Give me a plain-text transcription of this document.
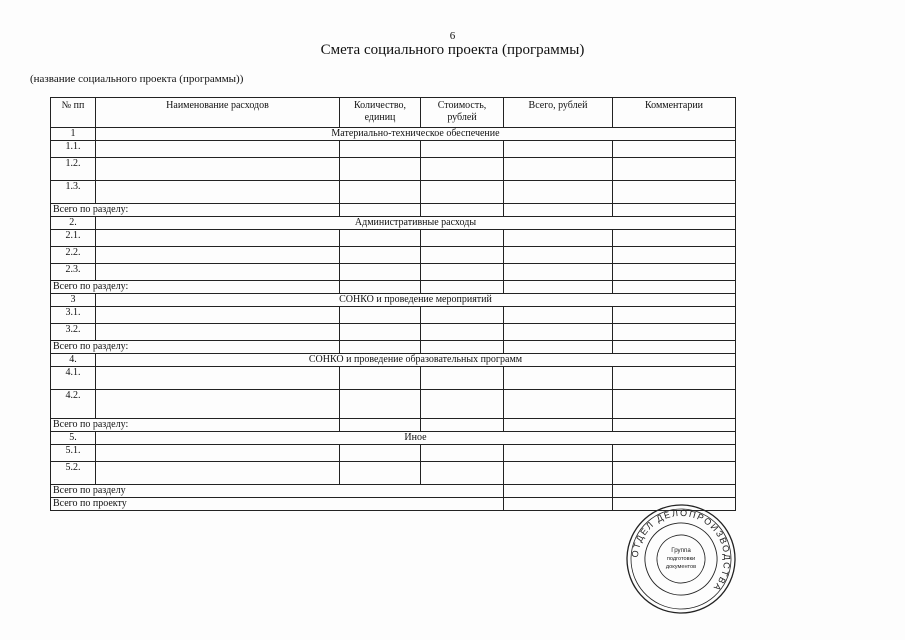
6
Смета социального проекта (программы)
(название социального проекта (программы))
№ пп	Наименование расходов	Количество, единиц	Стоимость, рублей	Всего, рублей	Комментарии
1	Материально-техническое обеспечение				
1.1.					
1.2.					
1.3.					
Всего по разделу:					
2.	Административные расходы				
2.1.					
2.2.					
2.3.					
Всего по разделу:					
3	СОНКО и проведение мероприятий				
3.1.					
3.2.					
Всего по разделу:					
4.	СОНКО и проведение образовательных программ				
4.1.					
4.2.					
Всего по разделу:					
5.	Иное				
5.1.					
5.2.					
Всего по разделу					
Всего по проекту					
ОТДЕЛ ДЕЛОПРОИЗВОДСТВА
Группа
подготовки
документов
